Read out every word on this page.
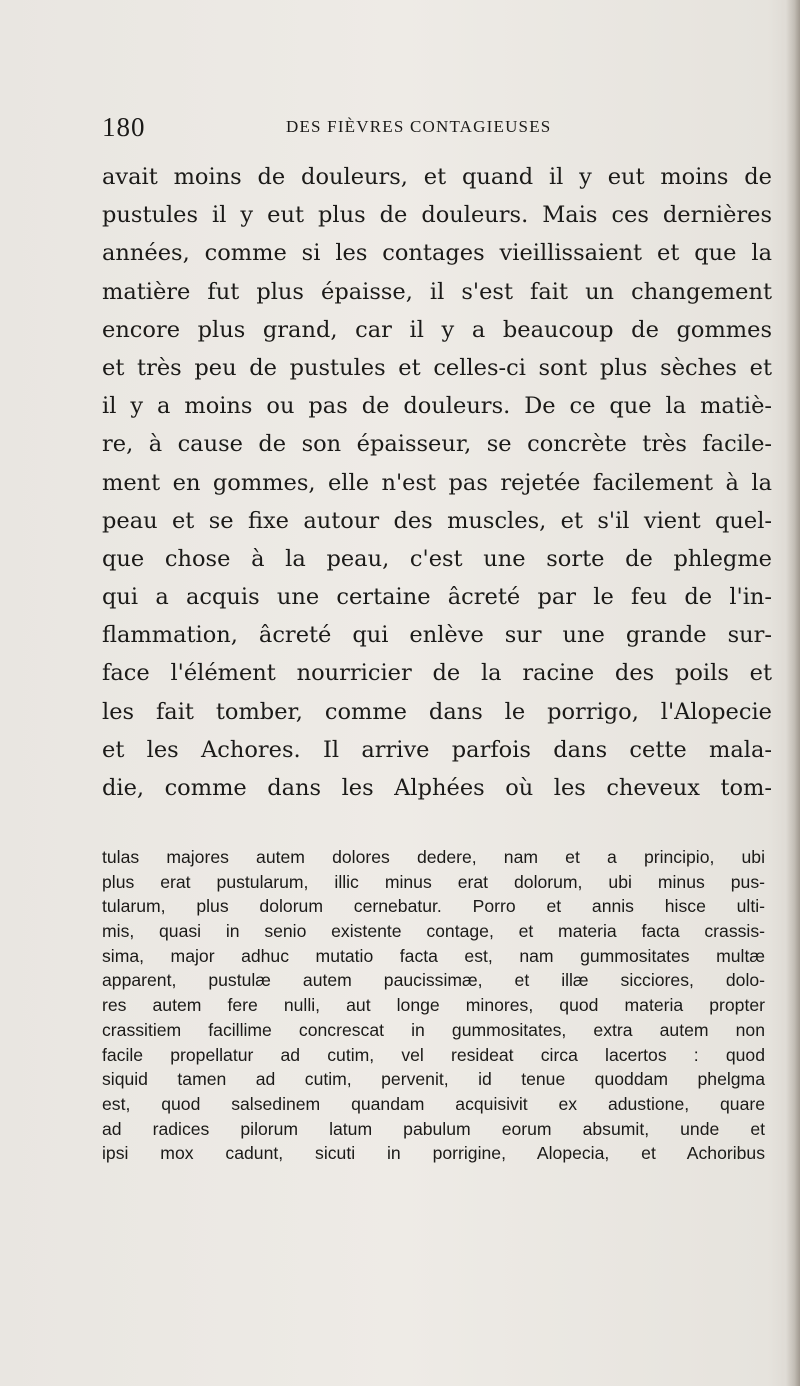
180	DES FIÈVRES CONTAGIEUSES
avait moins de douleurs, et quand il y eut moins de
pustules il y eut plus de douleurs. Mais ces dernières
années, comme si les contages vieillissaient et que la
matière fut plus épaisse, il s'est fait un changement
encore plus grand, car il y a beaucoup de gommes
et très peu de pustules et celles-ci sont plus sèches et
il y a moins ou pas de douleurs. De ce que la matiè-
re, à cause de son épaisseur, se concrète très facile-
ment en gommes, elle n'est pas rejetée facilement à la
peau et se fixe autour des muscles, et s'il vient quel-
que chose à la peau, c'est une sorte de phlegme
qui a acquis une certaine âcreté par le feu de l'in-
flammation, âcreté qui enlève sur une grande sur-
face l'élément nourricier de la racine des poils et
les fait tomber, comme dans le porrigo, l'Alopecie
et les Achores. Il arrive parfois dans cette mala-
die, comme dans les Alphées où les cheveux tom-
tulas majores autem dolores dedere, nam et a principio, ubi
plus erat pustularum, illic minus erat dolorum, ubi minus pus-
tularum, plus dolorum cernebatur. Porro et annis hisce ulti-
mis, quasi in senio existente contage, et materia facta crassis-
sima, major adhuc mutatio facta est, nam gummositates multæ
apparent, pustulæ autem paucissimæ, et illæ sicciores, dolo-
res autem fere nulli, aut longe minores, quod materia propter
crassitiem facillime concrescat in gummositates, extra autem non
facile propellatur ad cutim, vel resideat circa lacertos : quod
siquid tamen ad cutim, pervenit, id tenue quoddam phelgma
est, quod salsedinem quandam acquisivit ex adustione, quare
ad radices pilorum latum pabulum eorum absumit, unde et
ipsi mox cadunt, sicuti in porrigine, Alopecia, et Achoribus
